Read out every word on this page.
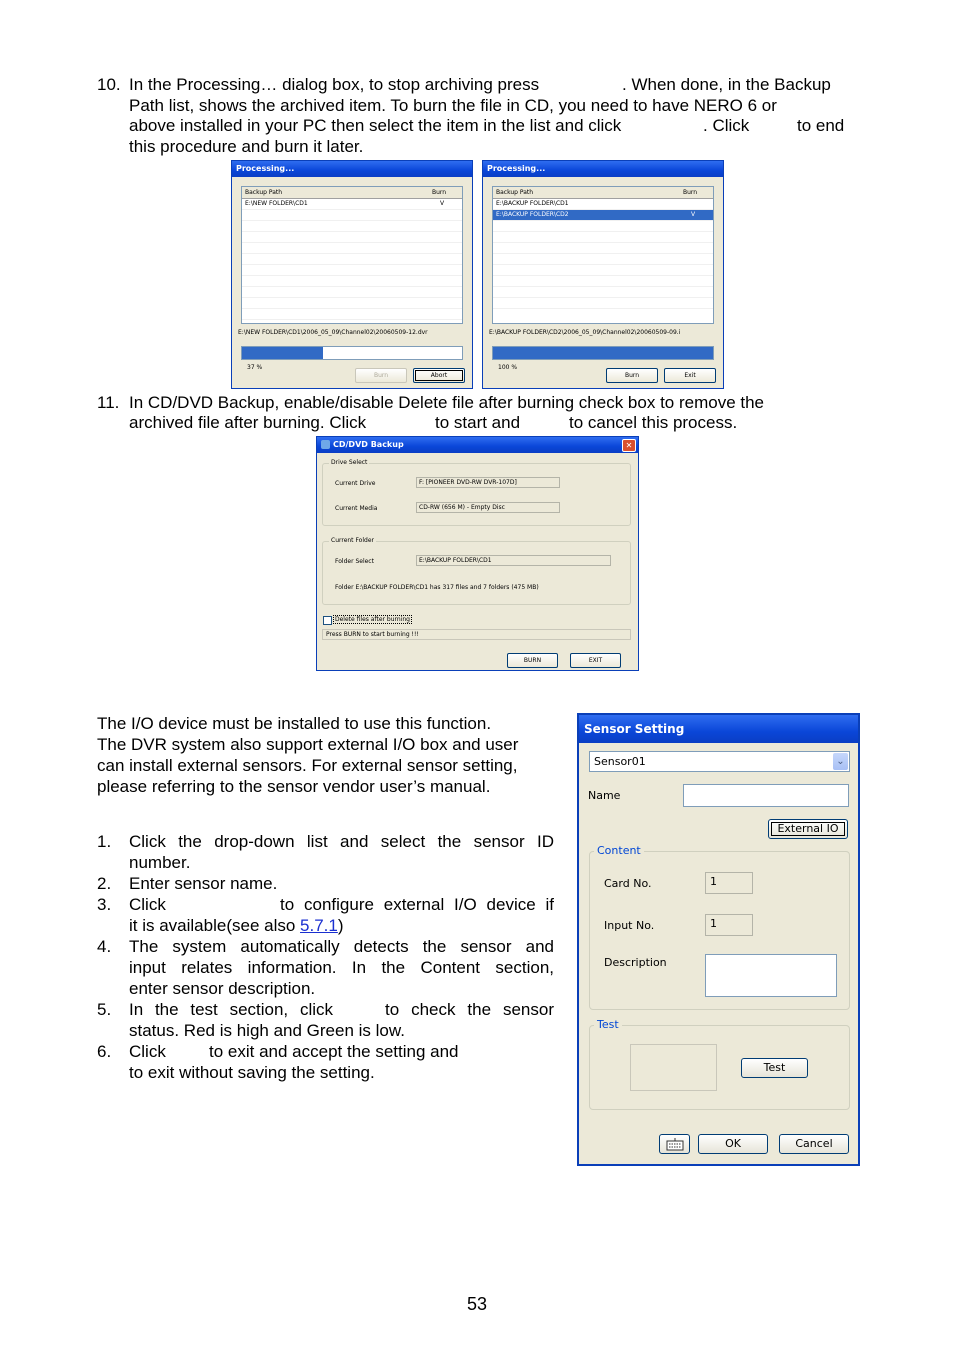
10. In the Processing… dialog box, to stop archiving press	. When done, in the Backup
Path list, shows the archived item. To burn the file in CD, you need to have NERO 6 or
above installed in your PC then select the item in the list and click	. Click	to end
this procedure and burn it later.
Processing...
Backup Path	Burn
E:\NEW FOLDER\CD1	V
E:\NEW FOLDER\CD1\2006_05_09\Channel02\20060509-12.dvr
37 %
Burn	Abort
Processing...
Backup Path	Burn
E:\BACKUP FOLDER\CD1
E:\BACKUP FOLDER\CD2	V
E:\BACKUP FOLDER\CD2\2006_05_09\Channel02\20060509-09.i
100 %
Burn	Exit
11. In CD/DVD Backup, enable/disable Delete file after burning check box to remove the
archived file after burning. Click	to start and	to cancel this process.
CD/DVD Backup	✕
Drive Select
Current Drive	F: [PIONEER DVD-RW DVR-107D]
Current Media	CD-RW (656 M) - Empty Disc
Current Folder
Folder Select	E:\BACKUP FOLDER\CD1
Folder E:\BACKUP FOLDER\CD1 has 317 files and 7 folders (475 MB)
Delete files after burning
Press BURN to start burning !!!
BURN	EXIT
The I/O device must be installed to use this function.
The DVR system also support external I/O box and user
can install external sensors. For external sensor setting,
please referring to the sensor vendor user’s manual.
1. Click the drop-down list and select the sensor ID
number.
2. Enter sensor name.
3. Click	to configure external I/O device if
it is available(see also 5.7.1)
4. The system automatically detects the sensor and
input relates information. In the Content section,
enter sensor description.
5. In the test section, click	to check the sensor
status. Red is high and Green is low.
6. Click	to exit and accept the setting and
to exit without saving the setting.
Sensor Setting
Sensor01	⌄
Name
External IO
Content
Card No.	1
Input No.	1
Description
Test
Test
OK	Cancel
53
